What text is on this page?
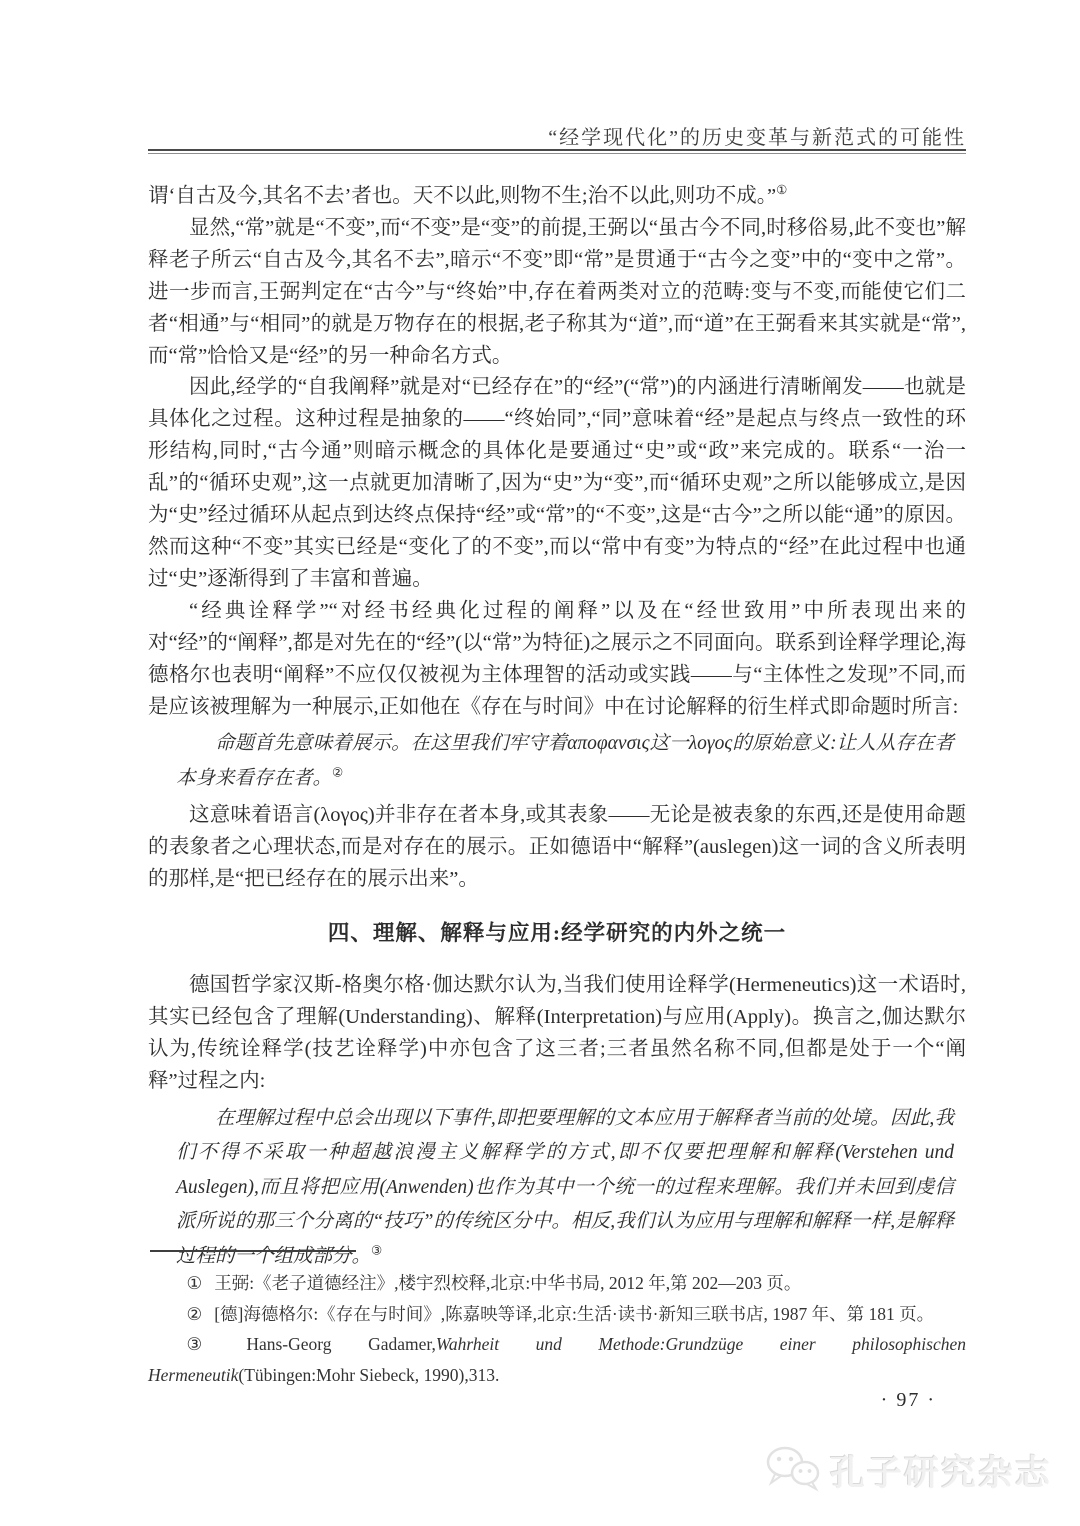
“经学现代化”的历史变革与新范式的可能性

谓‘自古及今,其名不去’者也。天不以此,则物不生;治不以此,则功不成。”①

显然,“常”就是“不变”,而“不变”是“变”的前提,王弼以“虽古今不同,时移俗易,此不变也”解释老子所云“自古及今,其名不去”,暗示“不变”即“常”是贯通于“古今之变”中的“变中之常”。进一步而言,王弼判定在“古今”与“终始”中,存在着两类对立的范畴:变与不变,而能使它们二者“相通”与“相同”的就是万物存在的根据,老子称其为“道”,而“道”在王弼看来其实就是“常”,而“常”恰恰又是“经”的另一种命名方式。

因此,经学的“自我阐释”就是对“已经存在”的“经”(“常”)的内涵进行清晰阐发——也就是具体化之过程。这种过程是抽象的——“终始同”,“同”意味着“经”是起点与终点一致性的环形结构,同时,“古今通”则暗示概念的具体化是要通过“史”或“政”来完成的。联系“一治一乱”的“循环史观”,这一点就更加清晰了,因为“史”为“变”,而“循环史观”之所以能够成立,是因为“史”经过循环从起点到达终点保持“经”或“常”的“不变”,这是“古今”之所以能“通”的原因。然而这种“不变”其实已经是“变化了的不变”,而以“常中有变”为特点的“经”在此过程中也通过“史”逐渐得到了丰富和普遍。

“经典诠释学”“对经书经典化过程的阐释”以及在“经世致用”中所表现出来的对“经”的“阐释”,都是对先在的“经”(以“常”为特征)之展示之不同面向。联系到诠释学理论,海德格尔也表明“阐释”不应仅仅被视为主体理智的活动或实践——与“主体性之发现”不同,而是应该被理解为一种展示,正如他在《存在与时间》中在讨论解释的衍生样式即命题时所言:

命题首先意味着展示。在这里我们牢守着αποφανσις这一λογος的原始意义:让人从存在者本身来看存在者。②

这意味着语言(λογος)并非存在者本身,或其表象——无论是被表象的东西,还是使用命题的表象者之心理状态,而是对存在的展示。正如德语中“解释”(auslegen)这一词的含义所表明的那样,是“把已经存在的展示出来”。

四、理解、解释与应用:经学研究的内外之统一

德国哲学家汉斯-格奥尔格·伽达默尔认为,当我们使用诠释学(Hermeneutics)这一术语时,其实已经包含了理解(Understanding)、解释(Interpretation)与应用(Apply)。换言之,伽达默尔认为,传统诠释学(技艺诠释学)中亦包含了这三者;三者虽然名称不同,但都是处于一个“阐释”过程之内:

在理解过程中总会出现以下事件,即把要理解的文本应用于解释者当前的处境。因此,我们不得不采取一种超越浪漫主义解释学的方式,即不仅要把理解和解释(Verstehen und Auslegen),而且将把应用(Anwenden)也作为其中一个统一的过程来理解。我们并未回到虔信派所说的那三个分离的“技巧”的传统区分中。相反,我们认为应用与理解和解释一样,是解释过程的一个组成部分。③

① 王弼:《老子道德经注》,楼宇烈校释,北京:中华书局, 2012 年,第 202—203 页。

② [德]海德格尔:《存在与时间》,陈嘉映等译,北京:生活·读书·新知三联书店, 1987 年、第 181 页。

③ Hans-Georg Gadamer,Wahrheit und Methode:Grundzüge einer philosophischen Hermeneutik(Tübingen:Mohr Siebeck, 1990),313.

· 97 ·
孔子研究杂志
